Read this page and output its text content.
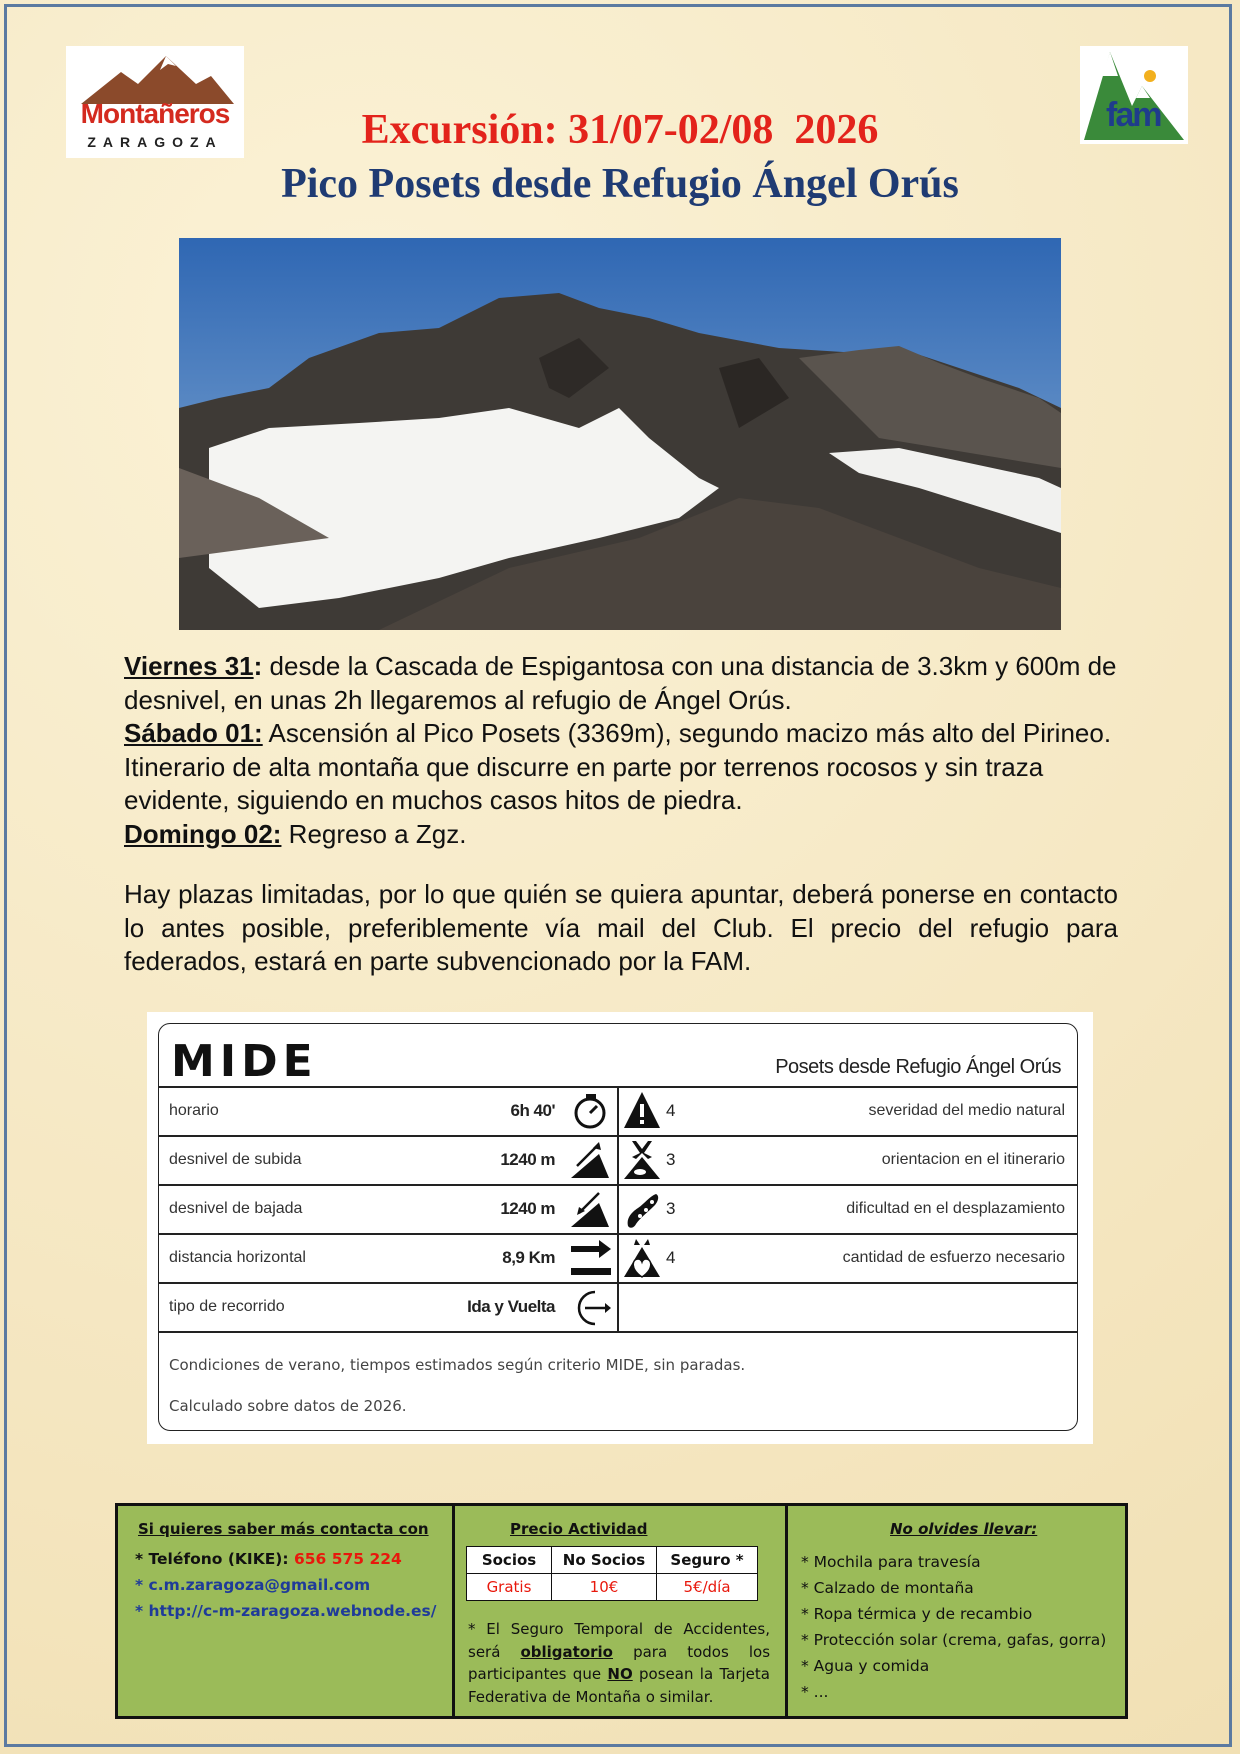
Montañeros
ZARAGOZA
fam
Excursión: 31/07-02/08  2026
Pico Posets desde Refugio Ángel Orús

Viernes 31: desde la Cascada de Espigantosa con una distancia de 3.3km y 600m de desnivel, en unas 2h llegaremos al refugio de Ángel Orús.

Sábado 01: Ascensión al Pico Posets (3369m), segundo macizo más alto del Pirineo. Itinerario de alta montaña que discurre en parte por terrenos rocosos y sin traza evidente, siguiendo en muchos casos hitos de piedra.

Domingo 02: Regreso a Zgz.

Hay plazas limitadas, por lo que quién se quiera apuntar, deberá ponerse en contacto lo antes posible, preferiblemente vía mail del Club. El precio del refugio para federados, estará en parte subvencionado por la FAM.
MIDE	Posets desde Refugio Ángel Orús
horario	6h 40'	4	severidad del medio natural
desnivel de subida	1240 m	3	orientacion en el itinerario
desnivel de bajada	1240 m	3	dificultad en el desplazamiento
distancia horizontal	8,9 Km	4	cantidad de esfuerzo necesario
tipo de recorrido	Ida y Vuelta
Condiciones de verano, tiempos estimados según criterio MIDE, sin paradas.
Calculado sobre datos de 2026.
Si quieres saber más contacta con
* Teléfono (KIKE): 656 575 224
* c.m.zaragoza@gmail.com
* http://c-m-zaragoza.webnode.es/
Precio Actividad
Socios	No Socios	Seguro *
Gratis	10€	5€/día
* El Seguro Temporal de Accidentes, será obligatorio para todos los participantes que NO posean la Tarjeta Federativa de Montaña o similar.
No olvides llevar:
* Mochila para travesía
* Calzado de montaña
* Ropa térmica y de recambio
* Protección solar (crema, gafas, gorra)
* Agua y comida
* ...
